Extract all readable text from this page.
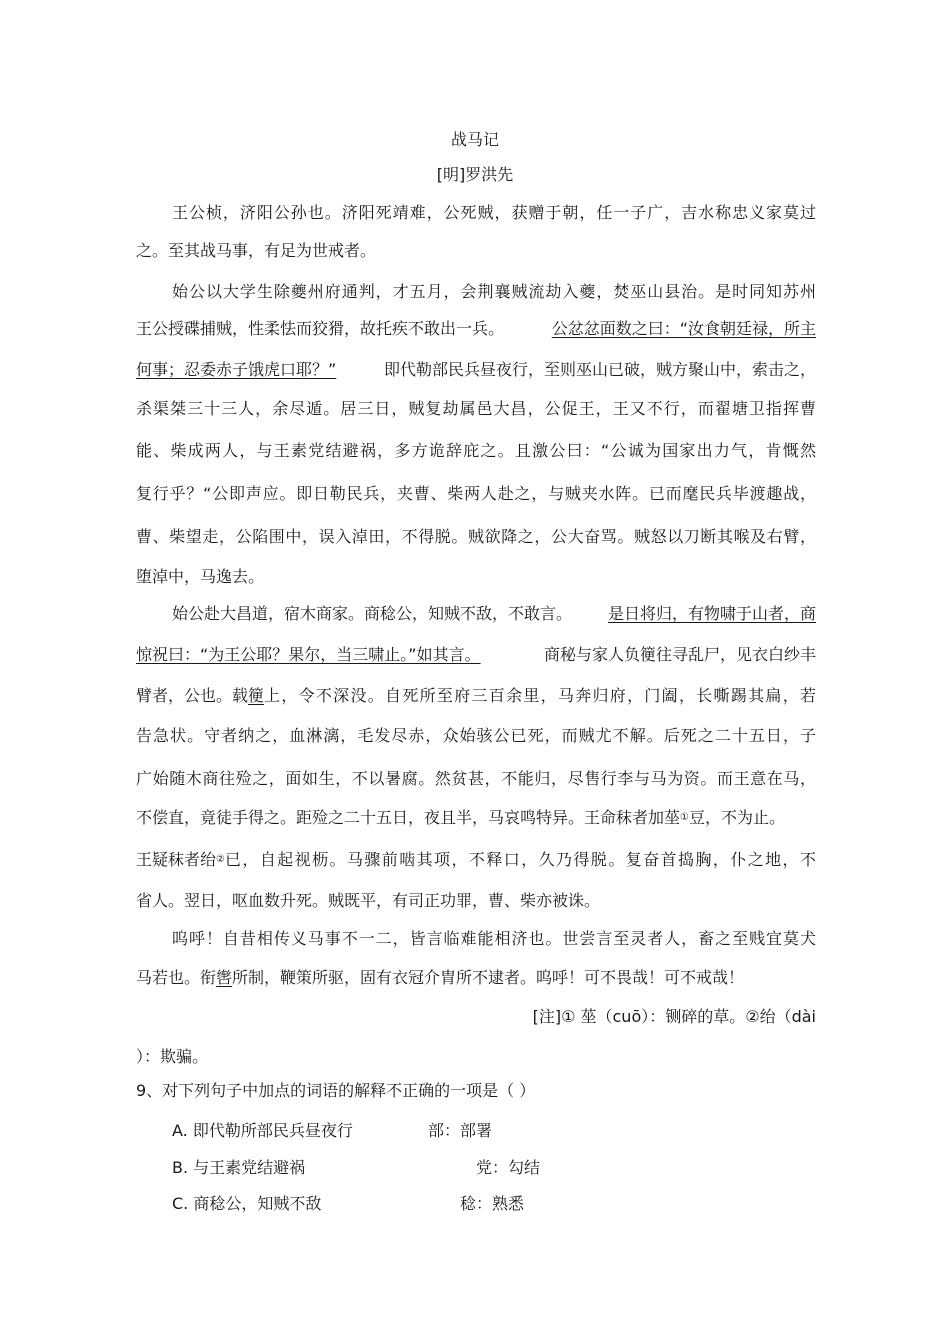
战马记
[明]罗洪先
王公桢，济阳公孙也。济阳死靖难，公死贼，获赠于朝，任一子广，吉水称忠义家莫过
之。至其战马事，有足为世戒者。
始公以大学生除夔州府通判，才五月，会荆襄贼流劫入夔，焚巫山县治。是时同知苏州
王公授碟捕贼，性柔怯而狡猾，故托疾不敢出一兵。	公忿忿面数之曰：“汝食朝廷禄，所主
何事；忍委赤子饿虎口耶？”	即代勒部民兵昼夜行，至则巫山已破，贼方聚山中，索击之，
杀渠桀三十三人，余尽遁。居三日，贼复劫属邑大昌，公促王，王又不行，而翟塘卫指挥曹
能、柴成两人，与王素党结避祸，多方诡辞庇之。且激公曰：“公诚为国家出力气，肯慨然
复行乎？“公即声应。即日勒民兵，夹曹、柴两人赴之，与贼夹水阵。已而麾民兵毕渡趣战，
曹、柴望走，公陷围中，误入淖田，不得脱。贼欲降之，公大奋骂。贼怒以刀断其喉及右臂，
堕淖中，马逸去。
始公赴大昌道，宿木商家。商稔公，知贼不敌，不敢言。 是日将归，有物啸于山者，商
惊祝曰：“为王公耶？果尔，当三啸止。”如其言。	商秘与家人负箯往寻乱尸，见衣白纱丰
臂者，公也。载 箯 上，令不深没。自死所至府三百余里，马奔归府，门阖，长嘶踢其扁，若
告急状。守者纳之，血淋漓，毛发尽赤，众始骇公已死，而贼尤不解。后死之二十五日，子
广始随木商往殓之，面如生，不以暑腐。然贫甚，不能归，尽售行李与马为资。而王意在马，
不偿直，竟徒手得之。距殓之二十五日，夜且半，马哀鸣特异。王命秣者加莝 ① 豆，不为止。
王疑秣者绐 ② 已，自起视枥。马骤前啮其项，不释口，久乃得脱。复奋首捣胸，仆之地，不
省人。翌日，呕血数升死。贼既平，有司正功罪，曹、柴亦被诛。
呜呼！自昔相传义马事不一二，皆言临难能相济也。世尝言至灵者人，畜之至贱宜莫犬
马若也。衔 辔 所制，鞭策所驱，固有衣冠介胄所不逮者。呜呼！可不畏哉！可不戒哉！
[注]① 莝（cuō）：铡碎的草。②绐（dài
）：欺骗。
9、对下列句子中加点的词语的解释不正确的一项是（ ）
A. 即代勒所部民兵昼夜行	部：部署
B. 与王素党结避祸	党：勾结
C. 商稔公，知贼不敌	稔：熟悉
